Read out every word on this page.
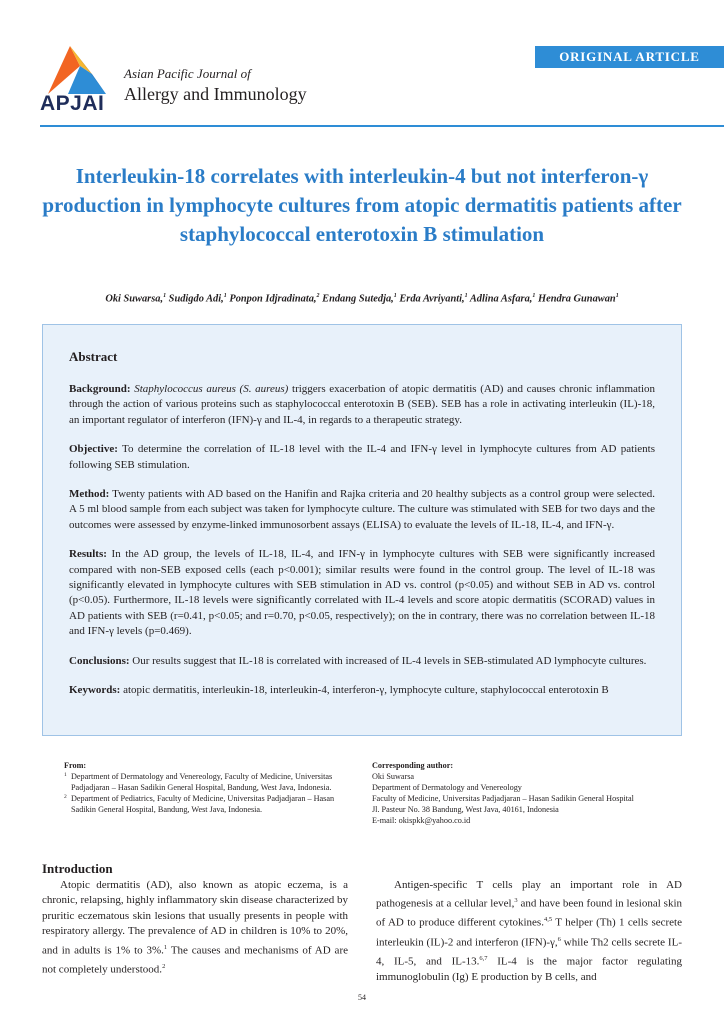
APJAI
Asian Pacific Journal of
Allergy and Immunology
ORIGINAL ARTICLE
Interleukin-18 correlates with interleukin-4 but not interferon-γ production in lymphocyte cultures from atopic dermatitis patients after staphylococcal enterotoxin B stimulation
Oki Suwarsa,$^1$ Sudigdo Adi,$^1$ Ponpon Idjradinata,$^2$ Endang Sutedja,$^1$ Erda Avriyanti,$^1$ Adlina Asfara,$^1$ Hendra Gunawan$^1$
Abstract

Background: Staphylococcus aureus (S. aureus) triggers exacerbation of atopic dermatitis (AD) and causes chronic inflammation through the action of various proteins such as staphylococcal enterotoxin B (SEB). SEB has a role in activating interleukin (IL)-18, an important regulator of interferon (IFN)-γ and IL-4, in regards to a therapeutic strategy.

Objective: To determine the correlation of IL-18 level with the IL-4 and IFN-γ level in lymphocyte cultures from AD patients following SEB stimulation.

Method: Twenty patients with AD based on the Hanifin and Rajka criteria and 20 healthy subjects as a control group were selected. A 5 ml blood sample from each subject was taken for lymphocyte culture. The culture was stimulated with SEB for two days and the outcomes were assessed by enzyme-linked immunosorbent assays (ELISA) to evaluate the levels of IL-18, IL-4, and IFN-γ.

Results: In the AD group, the levels of IL-18, IL-4, and IFN-γ in lymphocyte cultures with SEB were significantly increased compared with non-SEB exposed cells (each p<0.001); similar results were found in the control group. The level of IL-18 was significantly elevated in lymphocyte cultures with SEB stimulation in AD vs. control (p<0.05) and without SEB in AD vs. control (p<0.05). Furthermore, IL-18 levels were significantly correlated with IL-4 levels and score atopic dermatitis (SCORAD) values in AD patients with SEB (r=0.41, p<0.05; and r=0.70, p<0.05, respectively); on the in contrary, there was no correlation between IL-18 and IFN-γ levels (p=0.469).

Conclusions: Our results suggest that IL-18 is correlated with increased of IL-4 levels in SEB-stimulated AD lymphocyte cultures.

Keywords: atopic dermatitis, interleukin-18, interleukin-4, interferon-γ, lymphocyte culture, staphylococcal enterotoxin B

From:
1 Department of Dermatology and Venereology, Faculty of Medicine, Universitas Padjadjaran – Hasan Sadikin General Hospital, Bandung, West Java, Indonesia.
2 Department of Pediatrics, Faculty of Medicine, Universitas Padjadjaran – Hasan Sadikin General Hospital, Bandung, West Java, Indonesia.
Corresponding author:
Oki Suwarsa
Department of Dermatology and Venereology
Faculty of Medicine, Universitas Padjadjaran – Hasan Sadikin General Hospital
Jl. Pasteur No. 38 Bandung, West Java, 40161, Indonesia
E-mail: okispkk@yahoo.co.id
Introduction

Atopic dermatitis (AD), also known as atopic eczema, is a chronic, relapsing, highly inflammatory skin disease characterized by pruritic eczematous skin lesions that usually presents in people with respiratory allergy. The prevalence of AD in children is 10% to 20%, and in adults is 1% to 3%.$^1$ The causes and mechanisms of AD are not completely understood.$^2$

Antigen-specific T cells play an important role in AD pathogenesis at a cellular level,$^3$ and have been found in lesional skin of AD to produce different cytokines.$^{4,5}$ T helper (Th) 1 cells secrete interleukin (IL)-2 and interferon (IFN)-γ,$^6$ while Th2 cells secrete IL-4, IL-5, and IL-13.$^{6,7}$ IL-4 is the major factor regulating immunoglobulin (Ig) E production by B cells, and

54
